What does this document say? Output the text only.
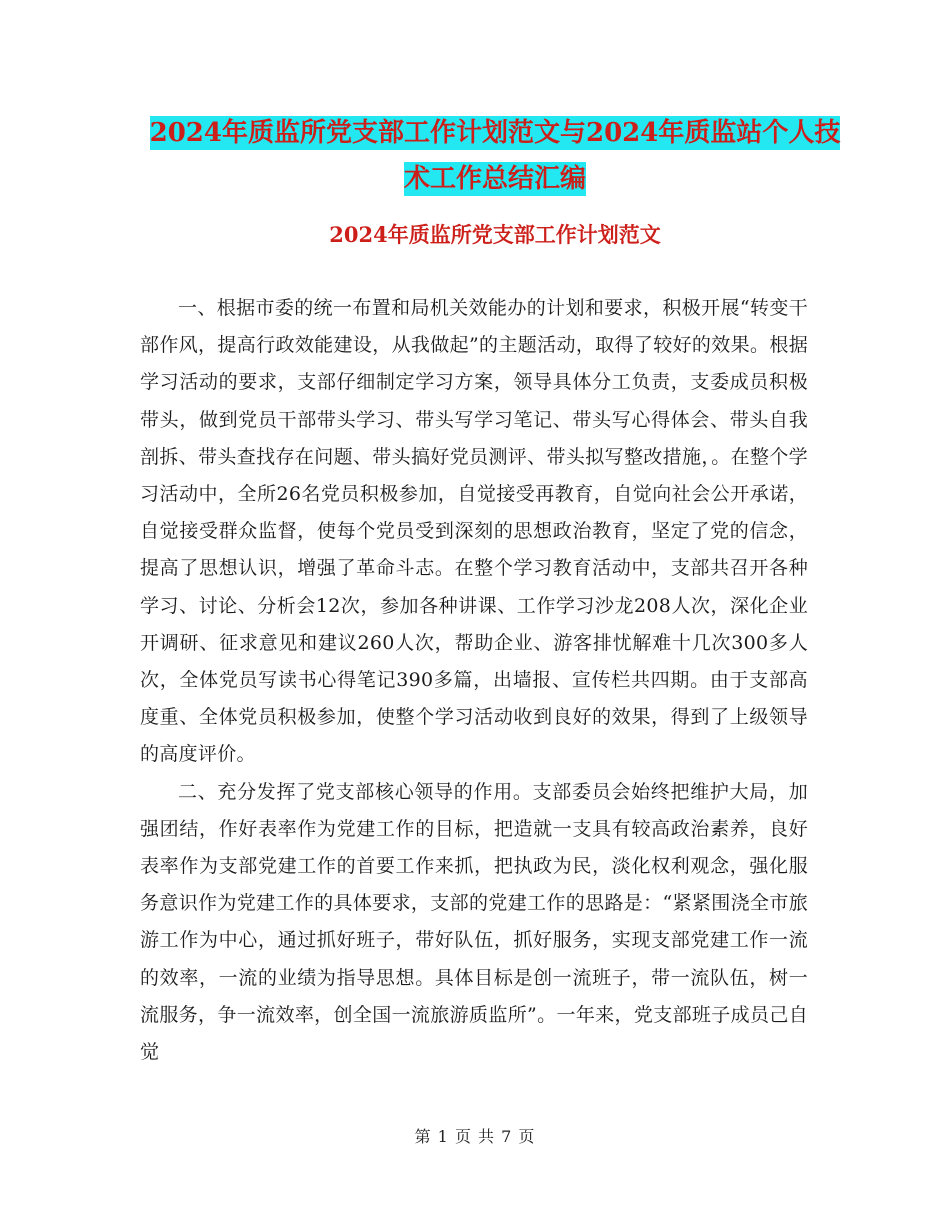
2024年质监所党支部工作计划范文与2024年质监站个人技术工作总结汇编
2024年质监所党支部工作计划范文

一、根据市委的统一布置和局机关效能办的计划和要求，积极开展“转变干部作风，提高行政效能建设，从我做起”的主题活动，取得了较好的效果。根据学习活动的要求，支部仔细制定学习方案，领导具体分工负责，支委成员积极带头，做到党员干部带头学习、带头写学习笔记、带头写心得体会、带头自我剖拆、带头查找存在问题、带头搞好党员测评、带头拟写整改措施，。在整个学习活动中，全所26名党员积极参加，自觉接受再教育，自觉向社会公开承诺，自觉接受群众监督，使每个党员受到深刻的思想政治教育，坚定了党的信念，提高了思想认识，增强了革命斗志。在整个学习教育活动中，支部共召开各种学习、讨论、分析会12次，参加各种讲课、工作学习沙龙208人次，深化企业开调研、征求意见和建议260人次，帮助企业、游客排忧解难十几次300多人次，全体党员写读书心得笔记390多篇，出墙报、宣传栏共四期。由于支部高度重、全体党员积极参加，使整个学习活动收到良好的效果，得到了上级领导的高度评价。

二、充分发挥了党支部核心领导的作用。支部委员会始终把维护大局，加强团结，作好表率作为党建工作的目标，把造就一支具有较高政治素养，良好表率作为支部党建工作的首要工作来抓，把执政为民，淡化权利观念，强化服务意识作为党建工作的具体要求，支部的党建工作的思路是：“紧紧围浇全市旅游工作为中心，通过抓好班子，带好队伍，抓好服务，实现支部党建工作一流的效率，一流的业绩为指导思想。具体目标是创一流班子，带一流队伍，树一流服务，争一流效率，创全国一流旅游质监所”。一年来，党支部班子成员己自觉

第 1 页 共 7 页
